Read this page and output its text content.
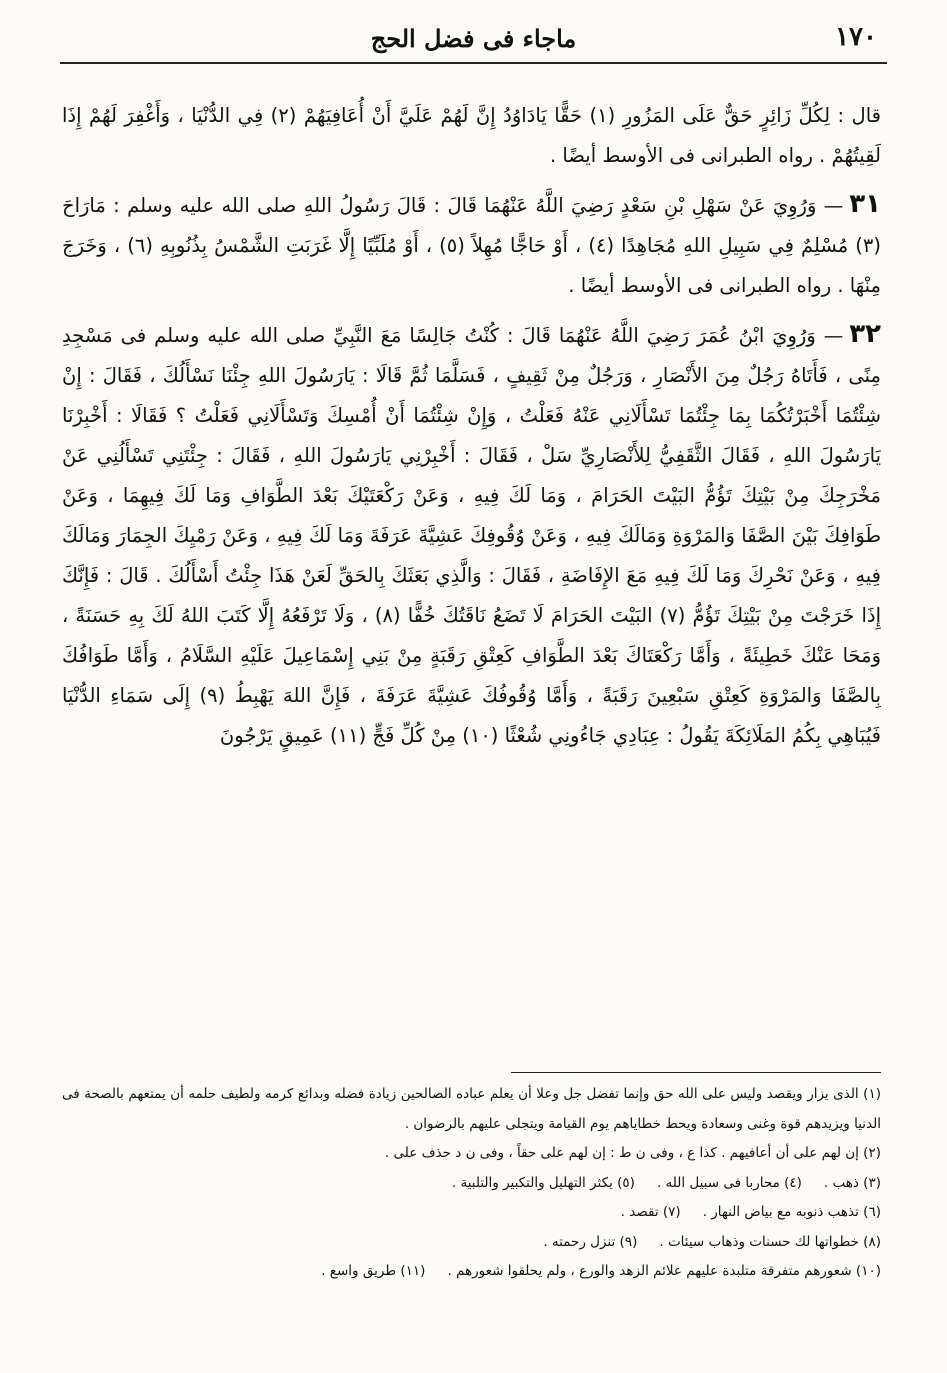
١٧٠
ماجاء فى فضل الحج

قال : لِكُلِّ زَائِرٍ حَقٌّ عَلَى المَزُورِ (١) حَقًّا يَادَاوُدُ إِنَّ لَهُمْ عَلَيَّ أَنْ أُعَافِيَهُمْ (٢) فِي الدُّنْيَا ، وَأَغْفِرَ لَهُمْ إِذَا لَقِيتُهُمْ . رواه الطبرانى فى الأوسط أيضًا .

٣١— وَرُوِيَ عَنْ سَهْلِ بْنِ سَعْدٍ رَضِيَ اللَّهُ عَنْهُمَا قَالَ : قَالَ رَسُولُ اللهِ صلى الله عليه وسلم : مَارَاحَ (٣) مُسْلِمٌ فِي سَبِيلِ اللهِ مُجَاهِدًا (٤) ، أَوْ حَاجًّا مُهِلاً (٥) ، أَوْ مُلَبِّيًا إِلَّا غَرَبَتِ الشَّمْسُ بِذُنُوبِهِ (٦) ، وَخَرَجَ مِنْهَا . رواه الطبرانى فى الأوسط أيضًا .

٣٢— وَرُوِيَ ابْنُ عُمَرَ رَضِيَ اللَّهُ عَنْهُمَا قَالَ : كُنْتُ جَالِسًا مَعَ النَّبِيِّ صلى الله عليه وسلم فى مَسْجِدِ مِنًى ، فَأَتَاهُ رَجُلٌ مِنَ الأَنْصَارِ ، وَرَجُلٌ مِنْ ثَقِيفٍ ، فَسَلَّمَا ثُمَّ قَالَا : يَارَسُولَ اللهِ جِئْنَا نَسْأَلُكَ ، فَقَالَ : إِنْ شِئْتُمَا أَخْبَرْتُكُمَا بِمَا جِئْتُمَا تَسْأَلَانِي عَنْهُ فَعَلْتُ ، وَإِنْ شِئْتُمَا أَنْ أُمْسِكَ وَتَسْأَلَانِي فَعَلْتُ ؟ فَقَالَا : أَخْبِرْنَا يَارَسُولَ اللهِ ، فَقَالَ الثَّقَفِيُّ لِلأَنْصَارِيِّ سَلْ ، فَقَالَ : أَخْبِرْنِي يَارَسُولَ اللهِ ، فَقَالَ : جِئْتَنِي تَسْأَلُنِي عَنْ مَخْرَجِكَ مِنْ بَيْتِكَ تَؤُمُّ البَيْتَ الحَرَامَ ، وَمَا لَكَ فِيهِ ، وَعَنْ رَكْعَتَيْكَ بَعْدَ الطَّوَافِ وَمَا لَكَ فِيهِمَا ، وَعَنْ طَوَافِكَ بَيْنَ الصَّفَا وَالمَرْوَةِ وَمَالَكَ فِيهِ ، وَعَنْ وُقُوفِكَ عَشِيَّةَ عَرَفَةَ وَمَا لَكَ فِيهِ ، وَعَنْ رَمْيِكَ الجِمَارَ وَمَالَكَ فِيهِ ، وَعَنْ نَحْرِكَ وَمَا لَكَ فِيهِ مَعَ الإِفَاضَةِ ، فَقَالَ : وَالَّذِي بَعَثَكَ بِالحَقِّ لَعَنْ هَذَا جِئْتُ أَسْأَلُكَ . قَالَ : فَإِنَّكَ إِذَا خَرَجْتَ مِنْ بَيْتِكَ تَؤُمُّ (٧) البَيْتَ الحَرَامَ لَا تَضَعُ نَاقَتُكَ خُفًّا (٨) ، وَلَا تَرْفَعُهُ إِلَّا كَتَبَ اللهُ لَكَ بِهِ حَسَنَةً ، وَمَحَا عَنْكَ خَطِيئَةً ، وَأَمَّا رَكْعَتَاكَ بَعْدَ الطَّوَافِ كَعِتْقِ رَقَبَةٍ مِنْ بَنِي إِسْمَاعِيلَ عَلَيْهِ السَّلَامُ ، وَأَمَّا طَوَافُكَ بِالصَّفَا وَالمَرْوَةِ كَعِتْقِ سَبْعِينَ رَقَبَةً ، وَأَمَّا وُقُوفُكَ عَشِيَّةَ عَرَفَةَ ، فَإِنَّ اللهَ يَهْبِطُ (٩) إِلَى سَمَاءِ الدُّنْيَا فَيُبَاهِي بِكُمُ المَلَائِكَةَ يَقُولُ : عِبَادِي جَاءُونِي شُعْثًا (١٠) مِنْ كُلِّ فَجٍّ (١١) عَمِيقٍ يَرْجُونَ

(١) الذى يزار ويقصد وليس على الله حق وإنما تفضل جل وعلا أن يعلم عباده الصالحين زيادة فضله وبدائع كرمه ولطيف حلمه أن يمتعهم بالصحة فى الدنيا ويزيدهم قوة وغنى وسعادة ويحط خطاياهم يوم القيامة ويتجلى عليهم بالرضوان .
(٢) إن لهم على أن أعافيهم . كذا ع ، وفى ن ط : إن لهم على حقاً ، وفى ن د حذف على .
(٣) ذهب .
(٤) محاربا فى سبيل الله .
(٥) يكثر التهليل والتكبير والتلبية .
(٦) تذهب ذنوبه مع بياض النهار .
(٧) تقصد .
(٨) خطواتها لك حسنات وذهاب سيئات .
(٩) تنزل رحمته .
(١٠) شعورهم متفرقة متلبدة عليهم علائم الزهد والورع ، ولم يحلقوا شعورهم .
(١١) طريق واسع .
